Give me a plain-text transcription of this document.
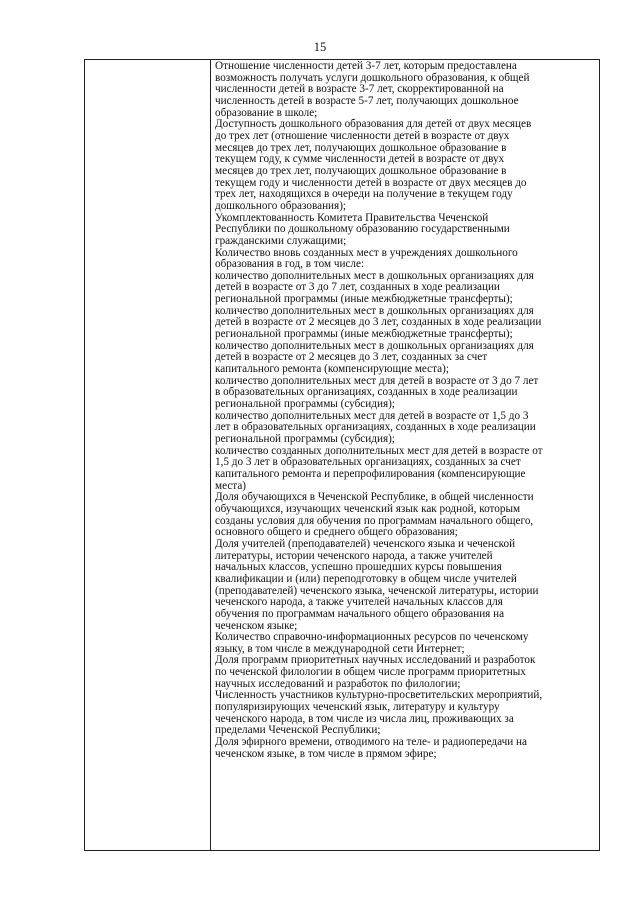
15

Отношение численности детей 3-7 лет, которым предоставлена
возможность получать услуги дошкольного образования, к общей
численности детей в возрасте 3-7 лет, скорректированной на
численность детей в возрасте 5-7 лет, получающих дошкольное
образование в школе;

Доступность дошкольного образования для детей от двух месяцев
до трех лет (отношение численности детей в возрасте от двух
месяцев до трех лет, получающих дошкольное образование в
текущем году, к сумме численности детей в возрасте от двух
месяцев до трех лет, получающих дошкольное образование в
текущем году и численности детей в возрасте от двух месяцев до
трех лет, находящихся в очереди на получение в текущем году
дошкольного образования);

Укомплектованность Комитета Правительства Чеченской
Республики по дошкольному образованию государственными
гражданскими служащими;

Количество вновь созданных мест в учреждениях дошкольного
образования в год, в том числе:

количество дополнительных мест в дошкольных организациях для
детей в возрасте от 3 до 7 лет, созданных в ходе реализации
региональной программы (иные межбюджетные трансферты);

количество дополнительных мест в дошкольных организациях для
детей в возрасте от 2 месяцев до 3 лет, созданных в ходе реализации
региональной программы (иные межбюджетные трансферты);

количество дополнительных мест в дошкольных организациях для
детей в возрасте от 2 месяцев до 3 лет, созданных за счет
капитального ремонта (компенсирующие места);

количество дополнительных мест для детей в возрасте от 3 до 7 лет
в образовательных организациях, созданных в ходе реализации
региональной программы (субсидия);

количество дополнительных мест для детей в возрасте от 1,5 до 3
лет в образовательных организациях, созданных в ходе реализации
региональной программы (субсидия);

количество созданных дополнительных мест для детей в возрасте от
1,5 до 3 лет в образовательных организациях, созданных за счет
капитального ремонта и перепрофилирования (компенсирующие
места)

Доля обучающихся в Чеченской Республике, в общей численности
обучающихся, изучающих чеченский язык как родной, которым
созданы условия для обучения по программам начального общего,
основного общего и среднего общего образования;

Доля учителей (преподавателей) чеченского языка и чеченской
литературы, истории чеченского народа, а также учителей
начальных классов, успешно прошедших курсы повышения
квалификации и (или) переподготовку в общем числе учителей
(преподавателей) чеченского языка, чеченской литературы, истории
чеченского народа, а также учителей начальных классов для
обучения по программам начального общего образования на
чеченском языке;

Количество справочно-информационных ресурсов по чеченскому
языку, в том числе в международной сети Интернет;

Доля программ приоритетных научных исследований и разработок
по чеченской филологии в общем числе программ приоритетных
научных исследований и разработок по филологии;

Численность участников культурно-просветительских мероприятий,
популяризирующих чеченский язык, литературу и культуру
чеченского народа, в том числе из числа лиц, проживающих за
пределами Чеченской Республики;

Доля эфирного времени, отводимого на теле- и радиопередачи на
чеченском языке, в том числе в прямом эфире;
